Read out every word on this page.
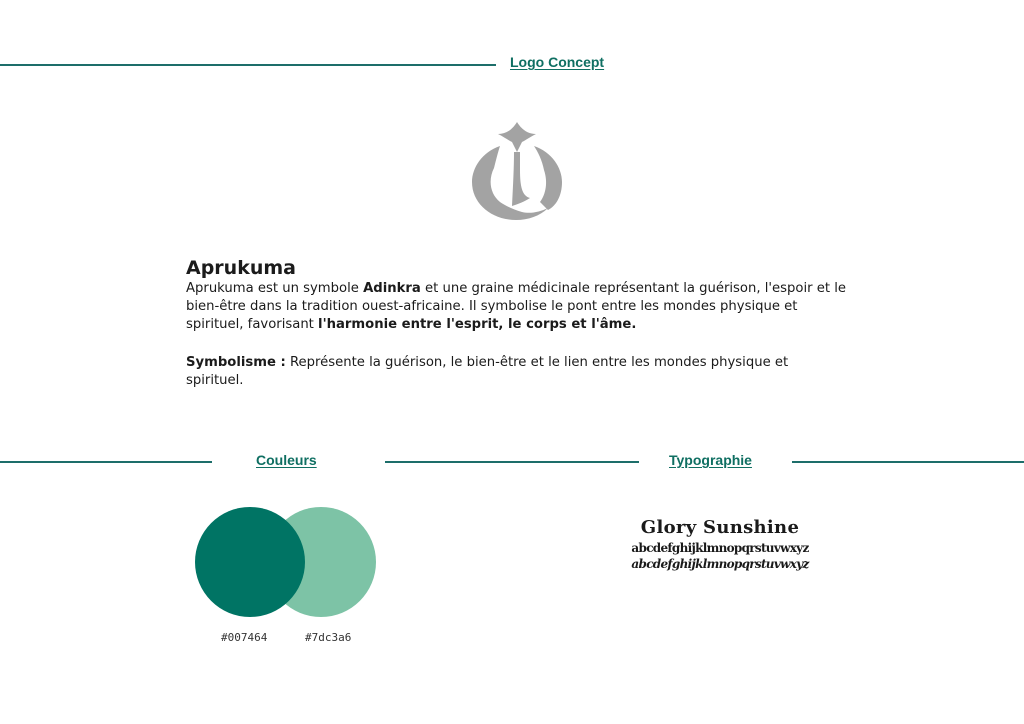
Logo Concept

Aprukuma

Aprukuma est un symbole Adinkra et une graine médicinale représentant la guérison, l'espoir et le bien-être dans la tradition ouest-africaine. Il symbolise le pont entre les mondes physique et spirituel, favorisant l'harmonie entre l'esprit, le corps et l'âme.

Symbolisme : Représente la guérison, le bien-être et le lien entre les mondes physique et spirituel.

Couleurs	Typographie
#007464	#7dc3a6
Glory Sunshine
abcdefghijklmnopqrstuvwxyz
abcdefghijklmnopqrstuvwxyz
